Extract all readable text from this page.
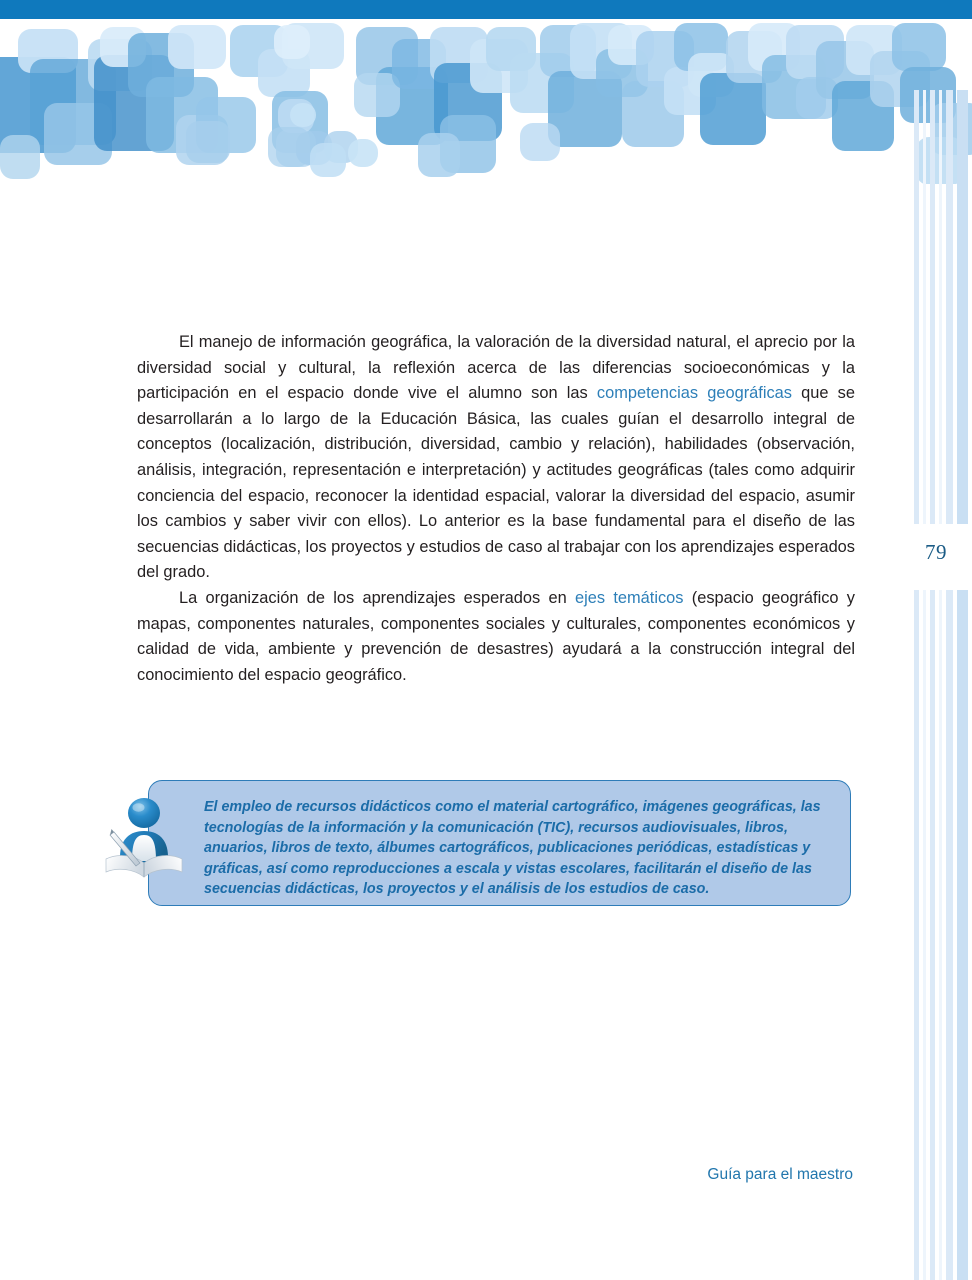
79

El manejo de información geográfica, la valoración de la diversidad natural, el aprecio por la diversidad social y cultural, la reflexión acerca de las diferencias socioeconómicas y la participación en el espacio donde vive el alumno son las competencias geográficas que se desarrollarán a lo largo de la Educación Básica, las cuales guían el desarrollo integral de conceptos (localización, distribución, diversidad, cambio y relación), habilidades (observación, análisis, integración, representación e interpretación) y actitudes geográficas (tales como adquirir conciencia del espacio, reconocer la identidad espacial, valorar la diversidad del espacio, asumir los cambios y saber vivir con ellos). Lo anterior es la base fundamental para el diseño de las secuencias didácticas, los proyectos y estudios de caso al trabajar con los aprendizajes esperados del grado.

La organización de los aprendizajes esperados en ejes temáticos (espacio geográfico y mapas, componentes naturales, componentes sociales y culturales, componentes económicos y calidad de vida, ambiente y prevención de desastres) ayudará a la construcción integral del conocimiento del espacio geográfico.

El empleo de recursos didácticos como el material cartográfico, imágenes geográficas, las tecnologías de la información y la comunicación (TIC), recursos audiovisuales, libros, anuarios, libros de texto, álbumes cartográficos, publicaciones periódicas, estadísticas y gráficas, así como reproducciones a escala y vistas escolares, facilitarán el diseño de las secuencias didácticas, los proyectos y el análisis de los estudios de caso.
Guía para el maestro
